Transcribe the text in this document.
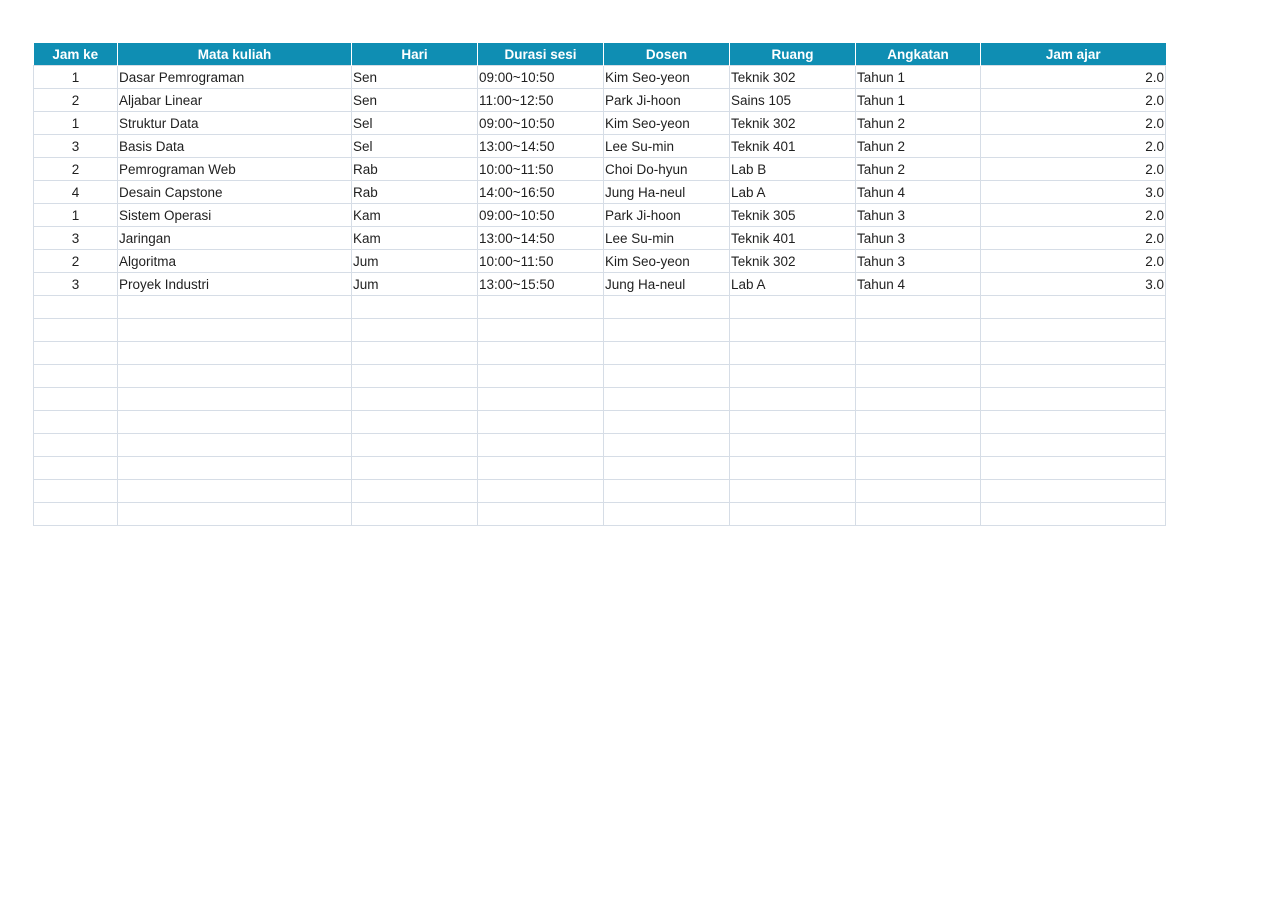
Jam ke	Mata kuliah	Hari	Durasi sesi	Dosen	Ruang	Angkatan	Jam ajar
1	Dasar Pemrograman	Sen	09:00~10:50	Kim Seo-yeon	Teknik 302	Tahun 1	2.0
2	Aljabar Linear	Sen	11:00~12:50	Park Ji-hoon	Sains 105	Tahun 1	2.0
1	Struktur Data	Sel	09:00~10:50	Kim Seo-yeon	Teknik 302	Tahun 2	2.0
3	Basis Data	Sel	13:00~14:50	Lee Su-min	Teknik 401	Tahun 2	2.0
2	Pemrograman Web	Rab	10:00~11:50	Choi Do-hyun	Lab B	Tahun 2	2.0
4	Desain Capstone	Rab	14:00~16:50	Jung Ha-neul	Lab A	Tahun 4	3.0
1	Sistem Operasi	Kam	09:00~10:50	Park Ji-hoon	Teknik 305	Tahun 3	2.0
3	Jaringan	Kam	13:00~14:50	Lee Su-min	Teknik 401	Tahun 3	2.0
2	Algoritma	Jum	10:00~11:50	Kim Seo-yeon	Teknik 302	Tahun 3	2.0
3	Proyek Industri	Jum	13:00~15:50	Jung Ha-neul	Lab A	Tahun 4	3.0
